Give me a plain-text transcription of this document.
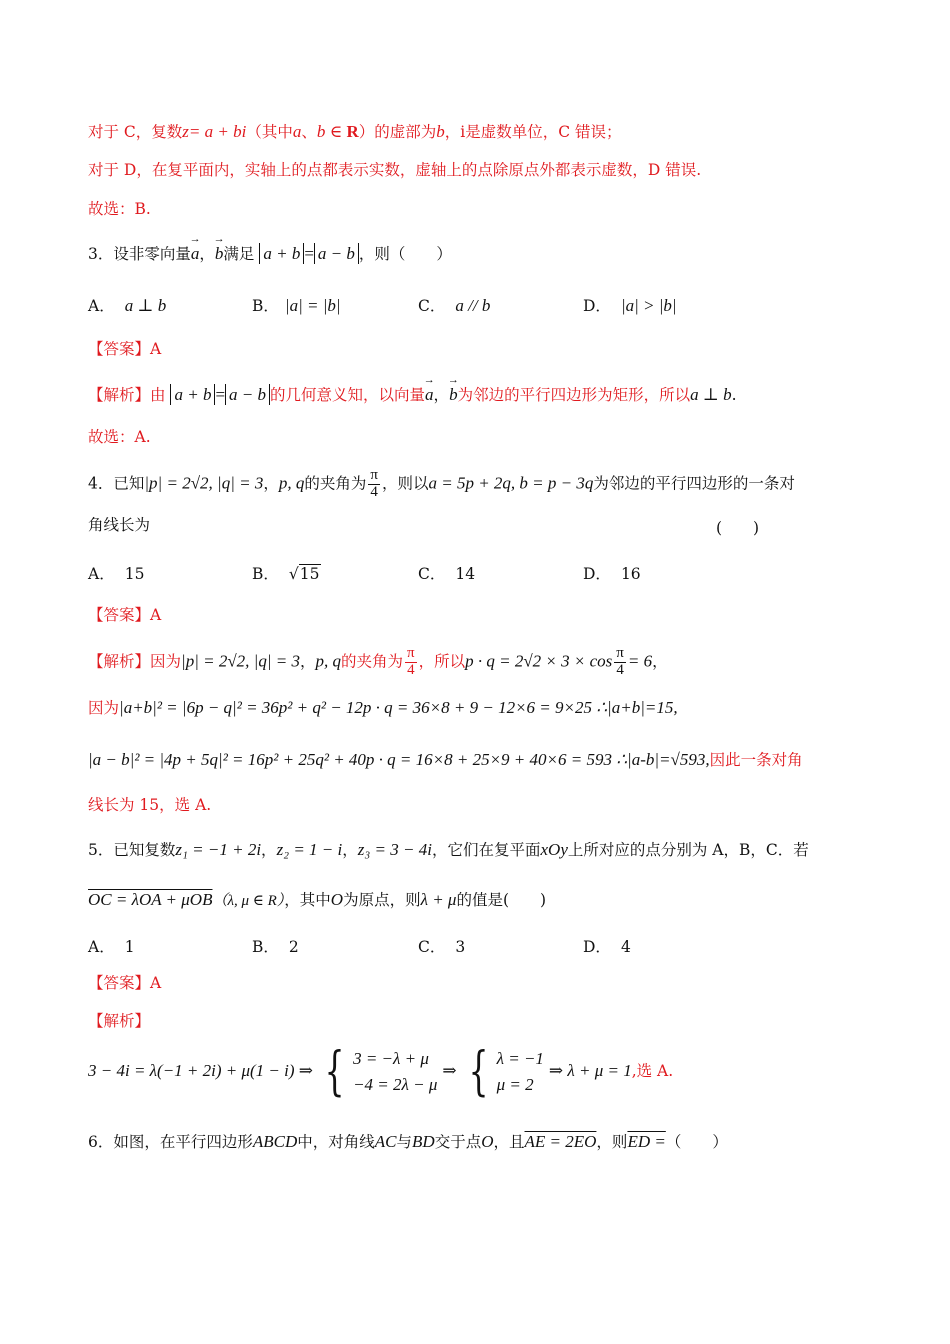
对于 C，复数z= a + bi（其中a、b ∈ R）的虚部为b，i是虚数单位，C 错误；
对于 D，在复平面内，实轴上的点都表示实数，虚轴上的点除原点外都表示虚数，D 错误.
故选：B.
3．设非零向量→ a，→ b满足 a + b = a − b ，则（　　）
A． a ⊥ b	B． |a| = |b|	C． a // b	D． |a| > |b|
【答案】A
【解析】由 a + b = a − b 的几何意义知，以向量→ a，→ b为邻边的平行四边形为矩形，所以a ⊥ b.
故选：A.
4．已知|p| = 2√2, |q| = 3，p, q的夹角为 $\frac{\pi}{4}$ ，则以a = 5p + 2q, b = p − 3q为邻边的平行四边形的一条对
角线长为	(　　)
A． 15	B． √15	C． 14	D． 16
【答案】A
【解析】因为|p| = 2√2, |q| = 3，p, q的夹角为 $\frac{\pi}{4}$ ，所以$p \cdot q = 2√2 \times 3 \times \cos \frac{\pi}{4} = 6$，
因为|a+b|² = |6p − q|² = 36p² + q² − 12p · q = 36×8 + 9 − 12×6 = 9×25 ∴|a+b|=15,
|a − b|² = |4p + 5q|² = 16p² + 25q² + 40p · q = 16×8 + 25×9 + 40×6 = 593 ∴|a-b|=√593,因此一条对角
线长为 15，选 A.
5．已知复数z₁ = −1 + 2i，z₂ = 1 − i，z₃ = 3 − 4i，它们在复平面xOy上所对应的点分别为 A，B，C．若
OC = λOA + μOB（λ, μ ∈ R），其中O为原点，则λ + μ的值是(　　)
A． 1	B． 2	C． 3	D． 4
【答案】A
【解析】
3 − 4i = λ(−1 + 2i) + μ(1 − i) ⇒ { 3 = −λ + μ
−4 = 2λ − μ
⇒ { λ = −1
μ = 2
⇒ λ + μ = 1,选 A.
6．如图，在平行四边形ABCD中，对角线AC与BD交于点O，且AE = 2EO，则ED =（　　）
